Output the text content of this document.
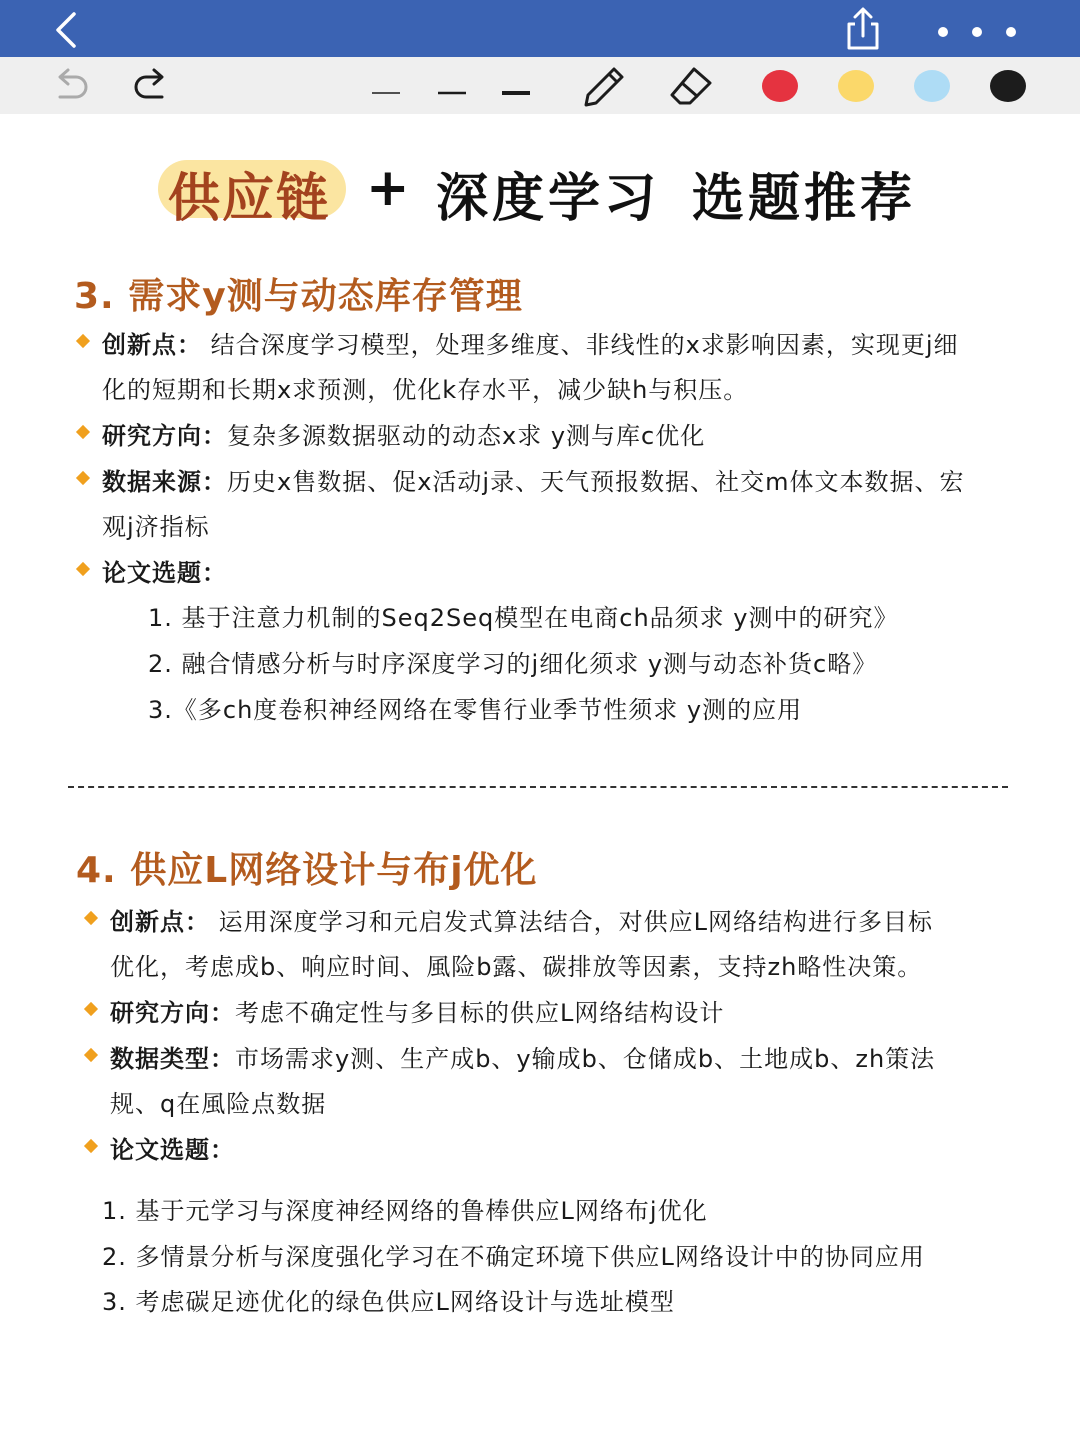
供应链 + 深度学习 选题推荐
3. 需求y测与动态库存管理
创新点： 结合深度学习模型，处理多维度、非线性的x求影响因素，实现更j细
化的短期和长期x求预测，优化k存水平，减少缺h与积压。
研究方向：复杂多源数据驱动的动态x求 y测与库c优化
数据来源：历史x售数据、促x活动j录、天气预报数据、社交m体文本数据、宏
观j济指标
论文选题：
1. 基于注意力机制的Seq2Seq模型在电商ch品须求 y测中的研究》
2. 融合情感分析与时序深度学习的j细化须求 y测与动态补货c略》
3.《多ch度卷积神经网络在零售行业季节性须求 y测的应用
4. 供应L网络设计与布j优化
创新点： 运用深度学习和元启发式算法结合，对供应L网络结构进行多目标
优化，考虑成b、响应时间、風险b露、碳排放等因素，支持zh略性决策。
研究方向：考虑不确定性与多目标的供应L网络结构设计
数据类型：市场需求y测、生产成b、y输成b、仓储成b、土地成b、zh策法
规、q在風险点数据
论文选题：
1. 基于元学习与深度神经网络的鲁棒供应L网络布j优化
2. 多情景分析与深度强化学习在不确定环境下供应L网络设计中的协同应用
3. 考虑碳足迹优化的绿色供应L网络设计与选址模型
